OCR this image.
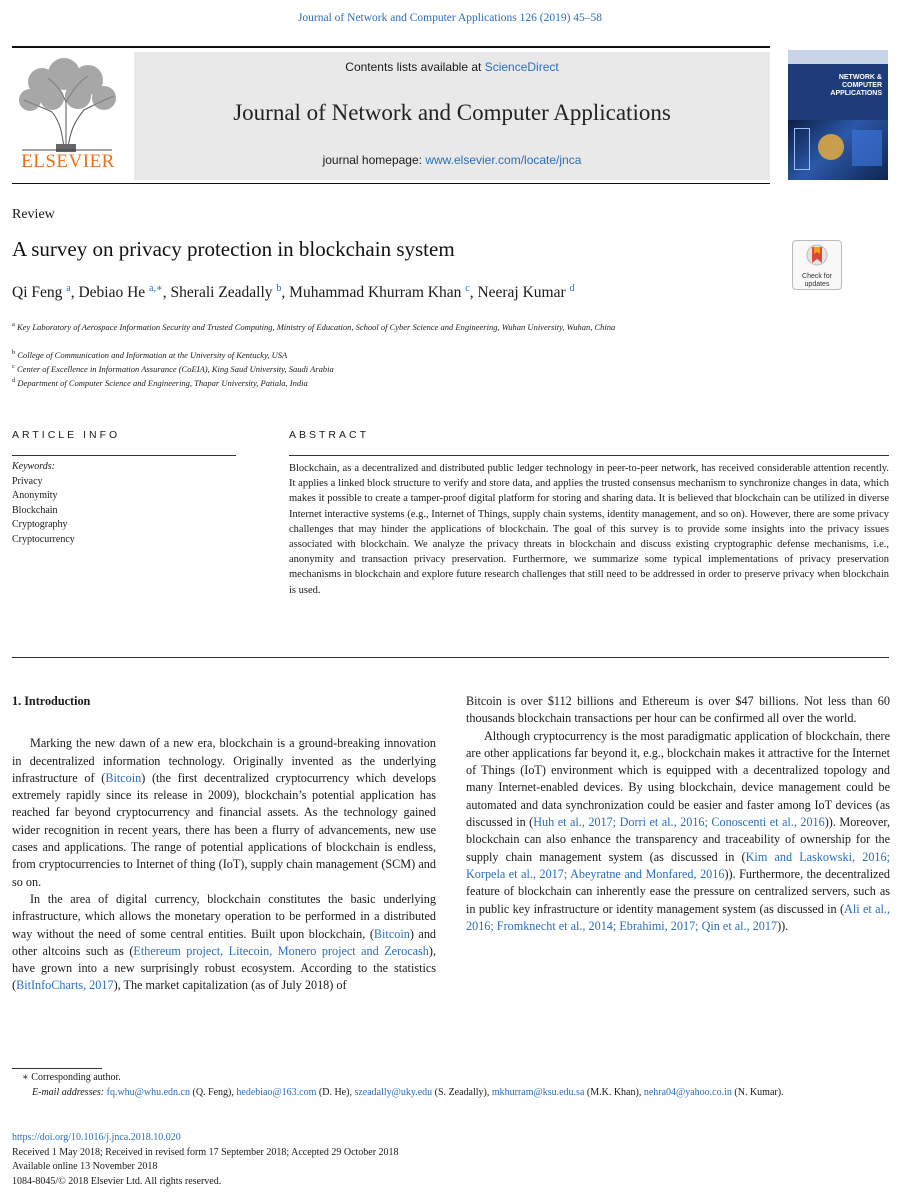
Journal of Network and Computer Applications 126 (2019) 45–58
ELSEVIER
Contents lists available at ScienceDirect
Journal of Network and Computer Applications
journal homepage: www.elsevier.com/locate/jnca
NETWORK &
COMPUTER
APPLICATIONS
Review
A survey on privacy protection in blockchain system
Check for
updates
Qi Feng $^a$, Debiao He $^{a,∗}$, Sherali Zeadally $^b$, Muhammad Khurram Khan $^c$, Neeraj Kumar $^d$
$^a$ Key Laboratory of Aerospace Information Security and Trusted Computing, Ministry of Education, School of Cyber Science and Engineering, Wuhan University, Wuhan, China
$^b$ College of Communication and Information at the University of Kentucky, USA
$^c$ Center of Excellence in Information Assurance (CoEIA), King Saud University, Saudi Arabia
$^d$ Department of Computer Science and Engineering, Thapar University, Patiala, India
ARTICLE INFO	ABSTRACT
Keywords:
Privacy
Anonymity
Blockchain
Cryptography
Cryptocurrency
Blockchain, as a decentralized and distributed public ledger technology in peer-to-peer network, has received considerable attention recently. It applies a linked block structure to verify and store data, and applies the trusted consensus mechanism to synchronize changes in data, which makes it possible to create a tamper-proof digital platform for storing and sharing data. It is believed that blockchain can be utilized in diverse Internet interactive systems (e.g., Internet of Things, supply chain systems, identity management, and so on). However, there are some privacy challenges that may hinder the applications of blockchain. The goal of this survey is to provide some insights into the privacy issues associated with blockchain. We analyze the privacy threats in blockchain and discuss existing cryptographic defense mechanisms, i.e., anonymity and transaction privacy preservation. Furthermore, we summarize some typical implementations of privacy preservation mechanisms in blockchain and explore future research challenges that still need to be addressed in order to preserve privacy when blockchain is used.

1. Introduction

Marking the new dawn of a new era, blockchain is a ground-breaking innovation in decentralized information technology. Originally invented as the underlying infrastructure of (Bitcoin) (the first decentralized cryptocurrency which develops extremely rapidly since its release in 2009), blockchain’s potential application has reached far beyond cryptocurrency and financial assets. As the technology gained wider recognition in recent years, there has been a flurry of advancements, new use cases and applications. The range of potential applications of blockchain is endless, from cryptocurrencies to Internet of thing (IoT), supply chain management (SCM) and so on.

In the area of digital currency, blockchain constitutes the basic underlying infrastructure, which allows the monetary operation to be performed in a distributed way without the need of some central entities. Built upon blockchain, (Bitcoin) and other altcoins such as (Ethereum project, Litecoin, Monero project and Zerocash), have grown into a new surprisingly robust ecosystem. According to the statistics (BitInfoCharts, 2017), The market capitalization (as of July 2018) of

Bitcoin is over $112 billions and Ethereum is over $47 billions. Not less than 60 thousands blockchain transactions per hour can be confirmed all over the world.

Although cryptocurrency is the most paradigmatic application of blockchain, there are other applications far beyond it, e.g., blockchain makes it attractive for the Internet of Things (IoT) environment which is equipped with a decentralized topology and many Internet-enabled devices. By using blockchain, device management could be automated and data synchronization could be easier and faster among IoT devices (as discussed in (Huh et al., 2017; Dorri et al., 2016; Conoscenti et al., 2016)). Moreover, blockchain can also enhance the transparency and traceability of ownership for the supply chain management system (as discussed in (Kim and Laskowski, 2016; Korpela et al., 2017; Abeyratne and Monfared, 2016)). Furthermore, the decentralized feature of blockchain can inherently ease the pressure on centralized servers, such as in public key infrastructure or identity management system (as discussed in (Ali et al., 2016; Fromknecht et al., 2014; Ebrahimi, 2017; Qin et al., 2017)).

∗ Corresponding author.
E-mail addresses: fq.whu@whu.edn.cn (Q. Feng), hedebiao@163.com (D. He), szeadally@uky.edu (S. Zeadally), mkhurram@ksu.edu.sa (M.K. Khan), nehra04@yahoo.co.in (N. Kumar).
https://doi.org/10.1016/j.jnca.2018.10.020
Received 1 May 2018; Received in revised form 17 September 2018; Accepted 29 October 2018
Available online 13 November 2018
1084-8045/© 2018 Elsevier Ltd. All rights reserved.
